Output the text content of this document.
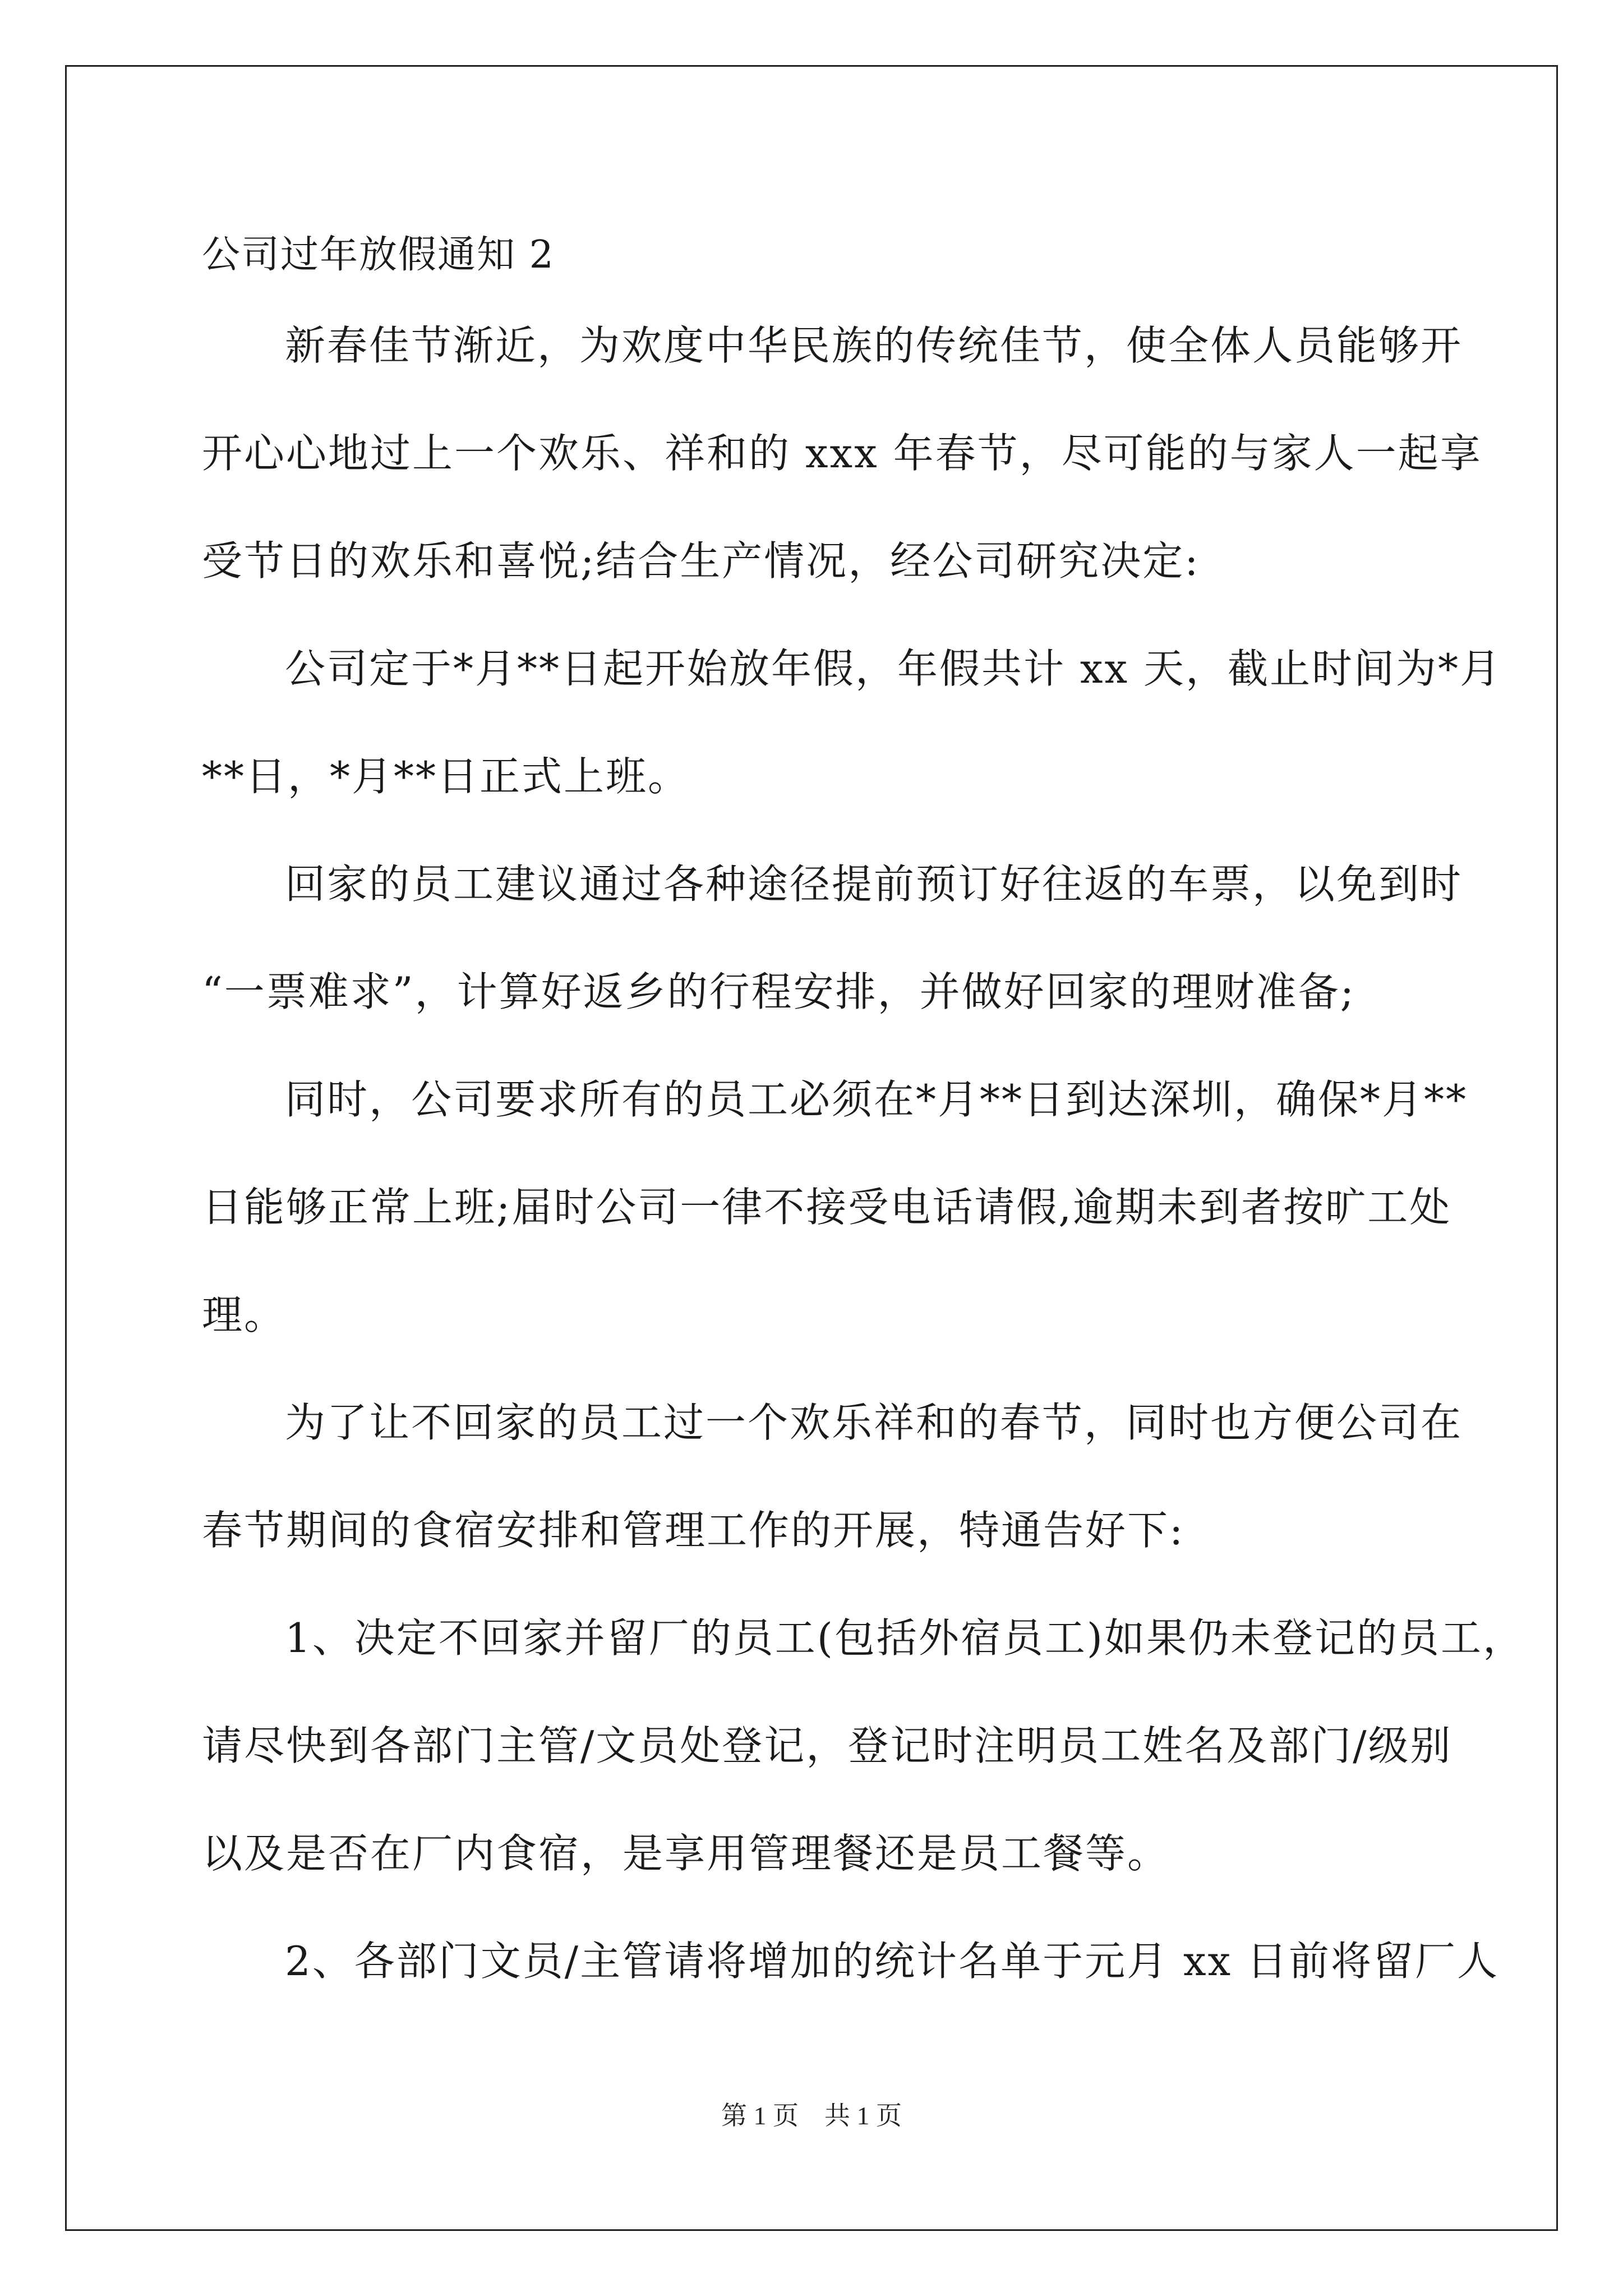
公司过年放假通知 2
新春佳节渐近，为欢度中华民族的传统佳节，使全体人员能够开
开心心地过上一个欢乐、祥和的 xxx 年春节，尽可能的与家人一起享
受节日的欢乐和喜悦;结合生产情况，经公司研究决定:
公司定于*月**日起开始放年假，年假共计 xx 天，截止时间为*月
**日，*月**日正式上班。
回家的员工建议通过各种途径提前预订好往返的车票，以免到时
“一票难求”，计算好返乡的行程安排，并做好回家的理财准备;
同时，公司要求所有的员工必须在*月**日到达深圳，确保*月**
日能够正常上班;届时公司一律不接受电话请假,逾期未到者按旷工处
理。
为了让不回家的员工过一个欢乐祥和的春节，同时也方便公司在
春节期间的食宿安排和管理工作的开展，特通告好下:
1、决定不回家并留厂的员工(包括外宿员工)如果仍未登记的员工，
请尽快到各部门主管/文员处登记，登记时注明员工姓名及部门/级别
以及是否在厂内食宿，是享用管理餐还是员工餐等。
2、各部门文员/主管请将增加的统计名单于元月 xx 日前将留厂人
第 1 页 共 1 页
